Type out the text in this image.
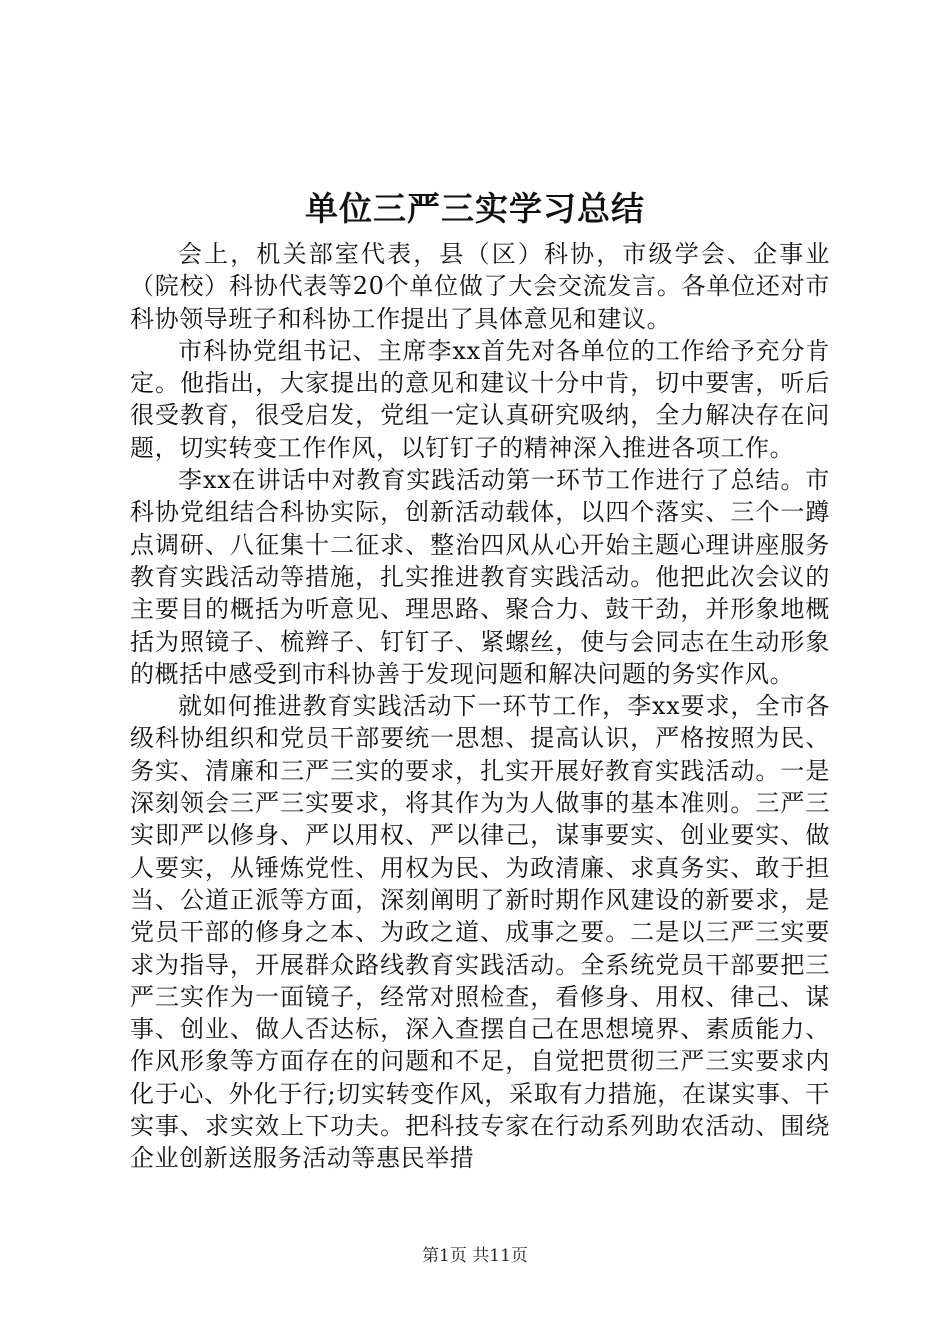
单位三严三实学习总结

会上，机关部室代表，县（区）科协，市级学会、企事业（院校）科协代表等20个单位做了大会交流发言。各单位还对市科协领导班子和科协工作提出了具体意见和建议。

市科协党组书记、主席李xx首先对各单位的工作给予充分肯定。他指出，大家提出的意见和建议十分中肯，切中要害，听后很受教育，很受启发，党组一定认真研究吸纳，全力解决存在问题，切实转变工作作风，以钉钉子的精神深入推进各项工作。

李xx在讲话中对教育实践活动第一环节工作进行了总结。市科协党组结合科协实际，创新活动载体，以四个落实、三个一蹲点调研、八征集十二征求、整治四风从心开始主题心理讲座服务教育实践活动等措施，扎实推进教育实践活动。他把此次会议的主要目的概括为听意见、理思路、聚合力、鼓干劲，并形象地概括为照镜子、梳辫子、钉钉子、紧螺丝，使与会同志在生动形象的概括中感受到市科协善于发现问题和解决问题的务实作风。

就如何推进教育实践活动下一环节工作，李xx要求，全市各级科协组织和党员干部要统一思想、提高认识，严格按照为民、务实、清廉和三严三实的要求，扎实开展好教育实践活动。一是深刻领会三严三实要求，将其作为为人做事的基本准则。三严三实即严以修身、严以用权、严以律己，谋事要实、创业要实、做人要实，从锤炼党性、用权为民、为政清廉、求真务实、敢于担当、公道正派等方面，深刻阐明了新时期作风建设的新要求，是党员干部的修身之本、为政之道、成事之要。二是以三严三实要求为指导，开展群众路线教育实践活动。全系统党员干部要把三严三实作为一面镜子，经常对照检查，看修身、用权、律己、谋事、创业、做人否达标，深入查摆自己在思想境界、素质能力、作风形象等方面存在的问题和不足，自觉把贯彻三严三实要求内化于心、外化于行;切实转变作风，采取有力措施，在谋实事、干实事、求实效上下功夫。把科技专家在行动系列助农活动、围绕企业创新送服务活动等惠民举措

第1页 共11页
